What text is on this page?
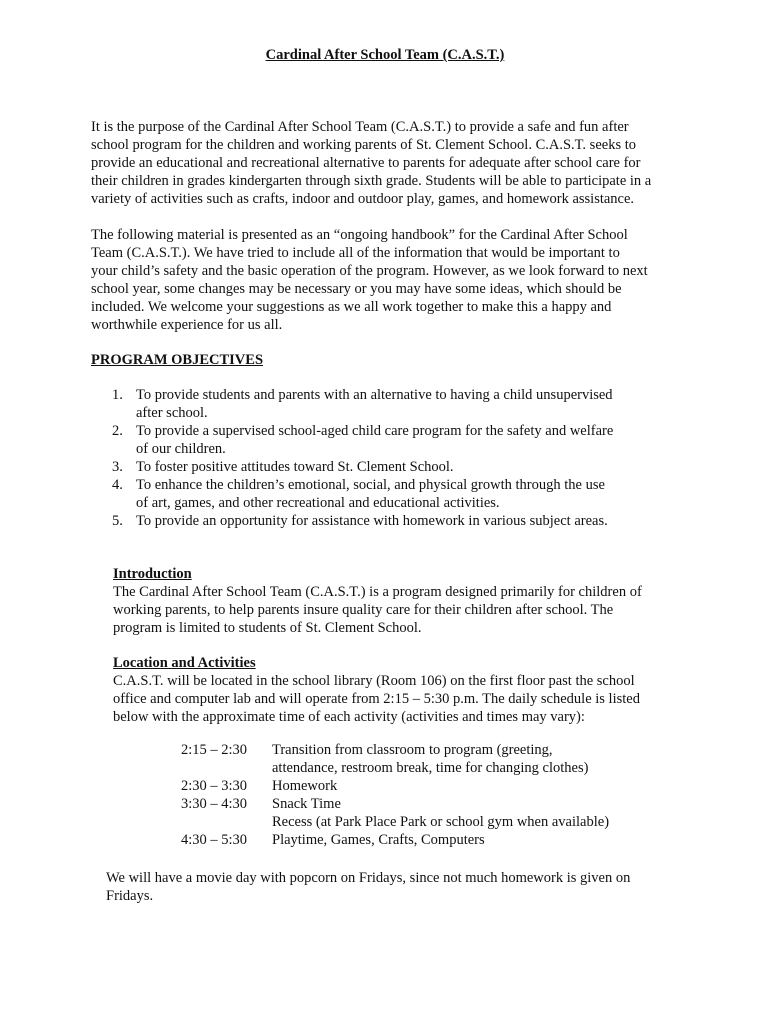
Cardinal After School Team (C.A.S.T.)
It is the purpose of the Cardinal After School Team (C.A.S.T.) to provide a safe and fun after
school program for the children and working parents of St. Clement School. C.A.S.T. seeks to
provide an educational and recreational alternative to parents for adequate after school care for
their children in grades kindergarten through sixth grade. Students will be able to participate in a
variety of activities such as crafts, indoor and outdoor play, games, and homework assistance.
The following material is presented as an “ongoing handbook” for the Cardinal After School
Team (C.A.S.T.). We have tried to include all of the information that would be important to
your child’s safety and the basic operation of the program. However, as we look forward to next
school year, some changes may be necessary or you may have some ideas, which should be
included. We welcome your suggestions as we all work together to make this a happy and
worthwhile experience for us all.
PROGRAM OBJECTIVES
1. To provide students and parents with an alternative to having a child unsupervised
after school.
2. To provide a supervised school-aged child care program for the safety and welfare
of our children.
3. To foster positive attitudes toward St. Clement School.
4. To enhance the children’s emotional, social, and physical growth through the use
of art, games, and other recreational and educational activities.
5. To provide an opportunity for assistance with homework in various subject areas.
Introduction
The Cardinal After School Team (C.A.S.T.) is a program designed primarily for children of
working parents, to help parents insure quality care for their children after school. The
program is limited to students of St. Clement School.
Location and Activities
C.A.S.T. will be located in the school library (Room 106) on the first floor past the school
office and computer lab and will operate from 2:15 – 5:30 p.m. The daily schedule is listed
below with the approximate time of each activity (activities and times may vary):
2:15 – 2:30	Transition from classroom to program (greeting,
attendance, restroom break, time for changing clothes)
2:30 – 3:30	Homework
3:30 – 4:30	Snack Time
Recess (at Park Place Park or school gym when available)
4:30 – 5:30	Playtime, Games, Crafts, Computers
We will have a movie day with popcorn on Fridays, since not much homework is given on
Fridays.
